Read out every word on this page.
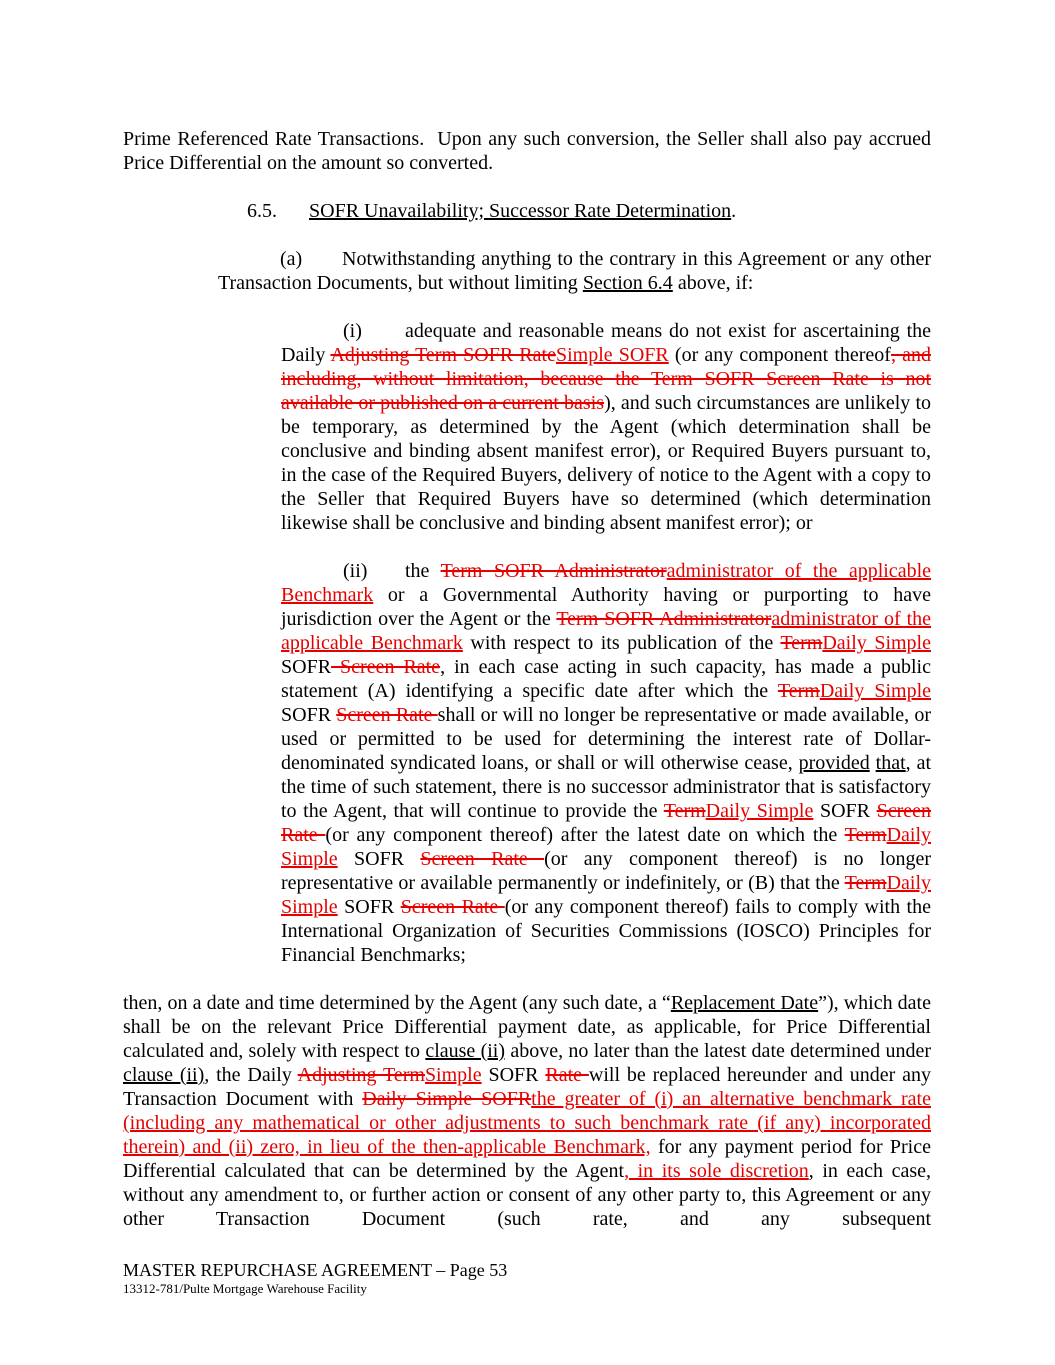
Prime Referenced Rate Transactions.  Upon any such conversion, the Seller shall also pay accrued Price Differential on the amount so converted.
6.5. SOFR Unavailability; Successor Rate Determination.
(a) Notwithstanding anything to the contrary in this Agreement or any other Transaction Documents, but without limiting Section 6.4 above, if:
(i) adequate and reasonable means do not exist for ascertaining the Daily Adjusting Term SOFR RateSimple SOFR (or any component thereof, and including, without limitation, because the Term SOFR Screen Rate is not available or published on a current basis), and such circumstances are unlikely to be temporary, as determined by the Agent (which determination shall be conclusive and binding absent manifest error), or Required Buyers pursuant to, in the case of the Required Buyers, delivery of notice to the Agent with a copy to the Seller that Required Buyers have so determined (which determination likewise shall be conclusive and binding absent manifest error); or
(ii) the Term SOFR Administratoradministrator of the applicable Benchmark or a Governmental Authority having or purporting to have jurisdiction over the Agent or the Term SOFR Administratoradministrator of the applicable Benchmark with respect to its publication of the TermDaily Simple SOFR Screen Rate, in each case acting in such capacity, has made a public statement (A) identifying a specific date after which the TermDaily Simple SOFR Screen Rate shall or will no longer be representative or made available, or used or permitted to be used for determining the interest rate of Dollar-denominated syndicated loans, or shall or will otherwise cease, provided that, at the time of such statement, there is no successor administrator that is satisfactory to the Agent, that will continue to provide the TermDaily Simple SOFR Screen Rate (or any component thereof) after the latest date on which the TermDaily Simple SOFR Screen Rate (or any component thereof) is no longer representative or available permanently or indefinitely, or (B) that the TermDaily Simple SOFR Screen Rate (or any component thereof) fails to comply with the International Organization of Securities Commissions (IOSCO) Principles for Financial Benchmarks;
then, on a date and time determined by the Agent (any such date, a “Replacement Date”), which date shall be on the relevant Price Differential payment date, as applicable, for Price Differential calculated and, solely with respect to clause (ii) above, no later than the latest date determined under clause (ii), the Daily Adjusting TermSimple SOFR Rate will be replaced hereunder and under any Transaction Document with Daily Simple SOFRthe greater of (i) an alternative benchmark rate (including any mathematical or other adjustments to such benchmark rate (if any) incorporated therein) and (ii) zero, in lieu of the then-applicable Benchmark, for any payment period for Price Differential calculated that can be determined by the Agent, in its sole discretion, in each case, without any amendment to, or further action or consent of any other party to, this Agreement or any other Transaction Document (such rate, and any subsequent
MASTER REPURCHASE AGREEMENT – Page 53
13312-781/Pulte Mortgage Warehouse Facility
